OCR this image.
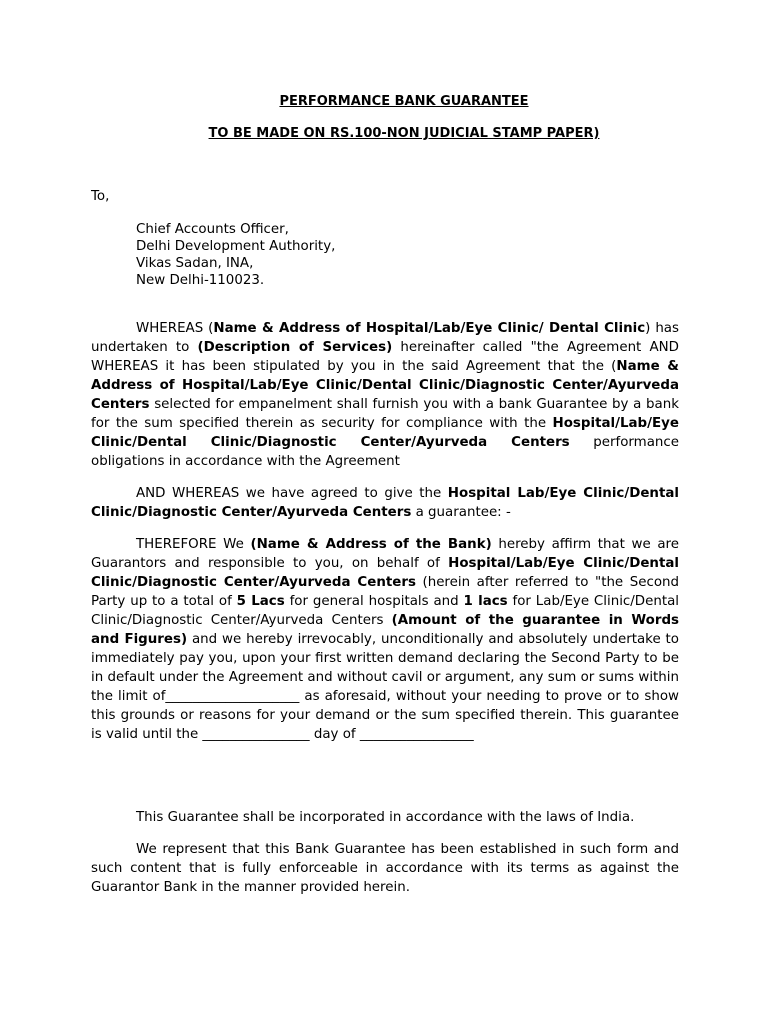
PERFORMANCE BANK GUARANTEE
TO BE MADE ON RS.100-NON JUDICIAL STAMP PAPER)
To,
Chief Accounts Officer,
Delhi Development Authority,
Vikas Sadan, INA,
New Delhi-110023.
WHEREAS (Name & Address of Hospital/Lab/Eye Clinic/ Dental Clinic) has undertaken to (Description of Services) hereinafter called "the Agreement AND WHEREAS it has been stipulated by you in the said Agreement that the (Name & Address of Hospital/Lab/Eye Clinic/Dental Clinic/Diagnostic Center/Ayurveda Centers selected for empanelment shall furnish you with a bank Guarantee by a bank for the sum specified therein as security for compliance with the Hospital/Lab/Eye Clinic/Dental Clinic/Diagnostic Center/Ayurveda Centers performance obligations in accordance with the Agreement
AND WHEREAS we have agreed to give the Hospital Lab/Eye Clinic/Dental Clinic/Diagnostic Center/Ayurveda Centers a guarantee: -
THEREFORE We (Name & Address of the Bank) hereby affirm that we are Guarantors and responsible to you, on behalf of Hospital/Lab/Eye Clinic/Dental Clinic/Diagnostic Center/Ayurveda Centers (herein after referred to "the Second Party up to a total of 5 Lacs for general hospitals and 1 lacs for Lab/Eye Clinic/Dental Clinic/Diagnostic Center/Ayurveda Centers (Amount of the guarantee in Words and Figures) and we hereby irrevocably, unconditionally and absolutely undertake to immediately pay you, upon your first written demand declaring the Second Party to be in default under the Agreement and without cavil or argument, any sum or sums within the limit of____________________ as aforesaid, without your needing to prove or to show this grounds or reasons for your demand or the sum specified therein. This guarantee is valid until the ________________ day of _________________
This Guarantee shall be incorporated in accordance with the laws of India.
We represent that this Bank Guarantee has been established in such form and such content that is fully enforceable in accordance with its terms as against the Guarantor Bank in the manner provided herein.
